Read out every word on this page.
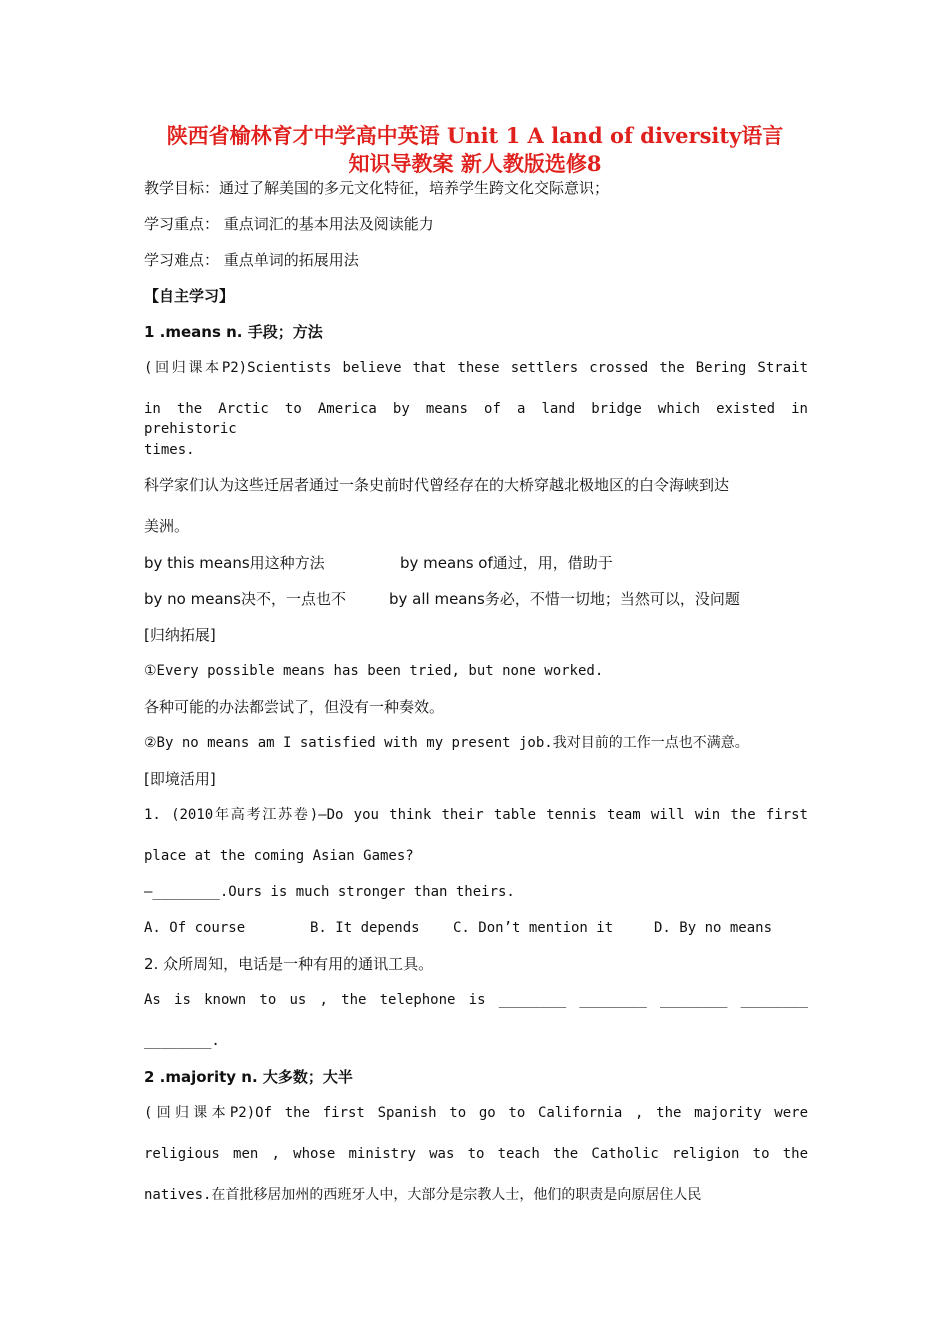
陕西省榆林育才中学高中英语 Unit 1 A land of diversity语言
知识导教案 新人教版选修8
教学目标：通过了解美国的多元文化特征，培养学生跨文化交际意识；
学习重点： 重点词汇的基本用法及阅读能力
学习难点： 重点单词的拓展用法
【自主学习】
1 .means n. 手段；方法
(回归课本P2)Scientists believe that these settlers crossed the Bering Strait
in the Arctic to America by means of a land bridge which existed in prehistoric
times.
科学家们认为这些迁居者通过一条史前时代曾经存在的大桥穿越北极地区的白令海峡到达
美洲。
by this means用这种方法	by means of通过，用，借助于
by no means决不，一点也不	by all means务必，不惜一切地；当然可以，没问题
[归纳拓展]
①Every possible means has been tried, but none worked.
各种可能的办法都尝试了，但没有一种奏效。
②By no means am I satisfied with my present job.我对目前的工作一点也不满意。
[即境活用]
1. (2010年高考江苏卷)—Do you think their table tennis team will win the first
place at the coming Asian Games?
—________.Ours is much stronger than theirs.
A. Of course	B. It depends C. Don’t mention it	D. By no means
2. 众所周知，电话是一种有用的通讯工具。
As is known to us , the telephone is ________ ________ ________ ________
________.
2 .majority n. 大多数；大半
(回归课本P2)Of the first Spanish to go to California , the majority were
religious men , whose ministry was to teach the Catholic religion to the
natives.在首批移居加州的西班牙人中，大部分是宗教人士，他们的职责是向原居住人民
